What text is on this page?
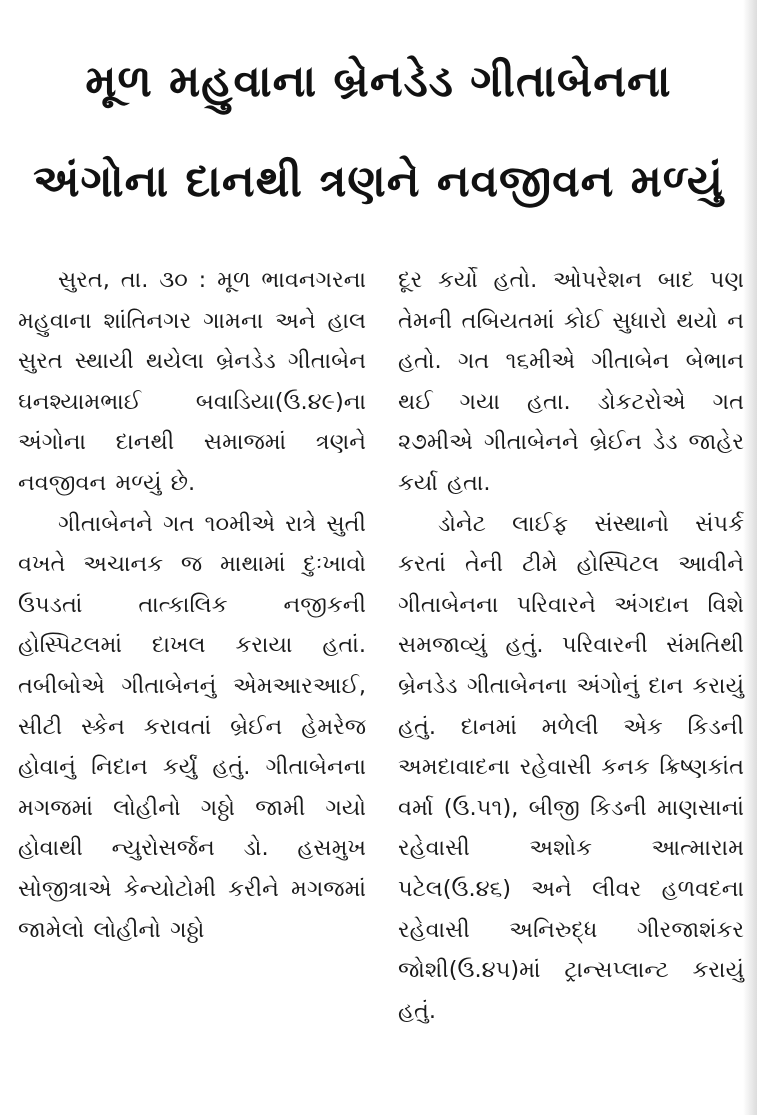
મૂળ મહુવાના બ્રેનડેડ ગીતાબેનના
અંગોના દાનથી ત્રણને નવજીવન મળ્યું

સુરત, તા. ૩૦ : મૂળ ભાવનગરના મહુવાના શાંતિનગર ગામના અને હાલ સુરત સ્થાયી થયેલા બ્રેનડેડ ગીતાબેન ઘનશ્યામભાઈ બવાડિયા(ઉ.૪૯)ના અંગોના દાનથી સમાજમાં ત્રણને નવજીવન મળ્યું છે.

ગીતાબેનને ગત ૧૦મીએ રાત્રે સુતી વખતે અચાનક જ માથામાં દુઃખાવો ઉપડતાં તાત્કાલિક નજીકની હોસ્પિટલમાં દાખલ કરાયા હતાં. તબીબોએ ગીતાબેનનું એમઆરઆઈ, સીટી સ્કેન કરાવતાં બ્રેઈન હેમરેજ હોવાનું નિદાન કર્યું હતું. ગીતાબેનના મગજમાં લોહીનો ગઠ્ઠો જામી ગયો હોવાથી ન્યુરોસર્જન ડો. હસમુખ સોજીત્રાએ કેન્યોટોમી કરીને મગજમાં જામેલો લોહીનો ગઠ્ઠો

દૂર કર્યો હતો. ઓપરેશન બાદ પણ તેમની તબિયતમાં કોઈ સુધારો થયો ન હતો. ગત ૧૬મીએ ગીતાબેન બેભાન થઈ ગયા હતા. ડોકટરોએ ગત ૨૭મીએ ગીતાબેનને બ્રેઈન ડેડ જાહેર કર્યા હતા.

ડોનેટ લાઈફ સંસ્થાનો સંપર્ક કરતાં તેની ટીમે હોસ્પિટલ આવીને ગીતાબેનના પરિવારને અંગદાન વિશે સમજાવ્યું હતું. પરિવારની સંમતિથી બ્રેનડેડ ગીતાબેનના અંગોનું દાન કરાયું હતું. દાનમાં મળેલી એક કિડની અમદાવાદના રહેવાસી કનક ક્રિષ્ણકાંત વર્મા (ઉ.૫૧), બીજી કિડની માણસાનાં રહેવાસી અશોક આત્મારામ પટેલ(ઉ.૪૬) અને લીવર હળવદના રહેવાસી અનિરુદ્ધ ગીરજાશંકર જોશી(ઉ.૪૫)માં ટ્રાન્સપ્લાન્ટ કરાયું હતું.
